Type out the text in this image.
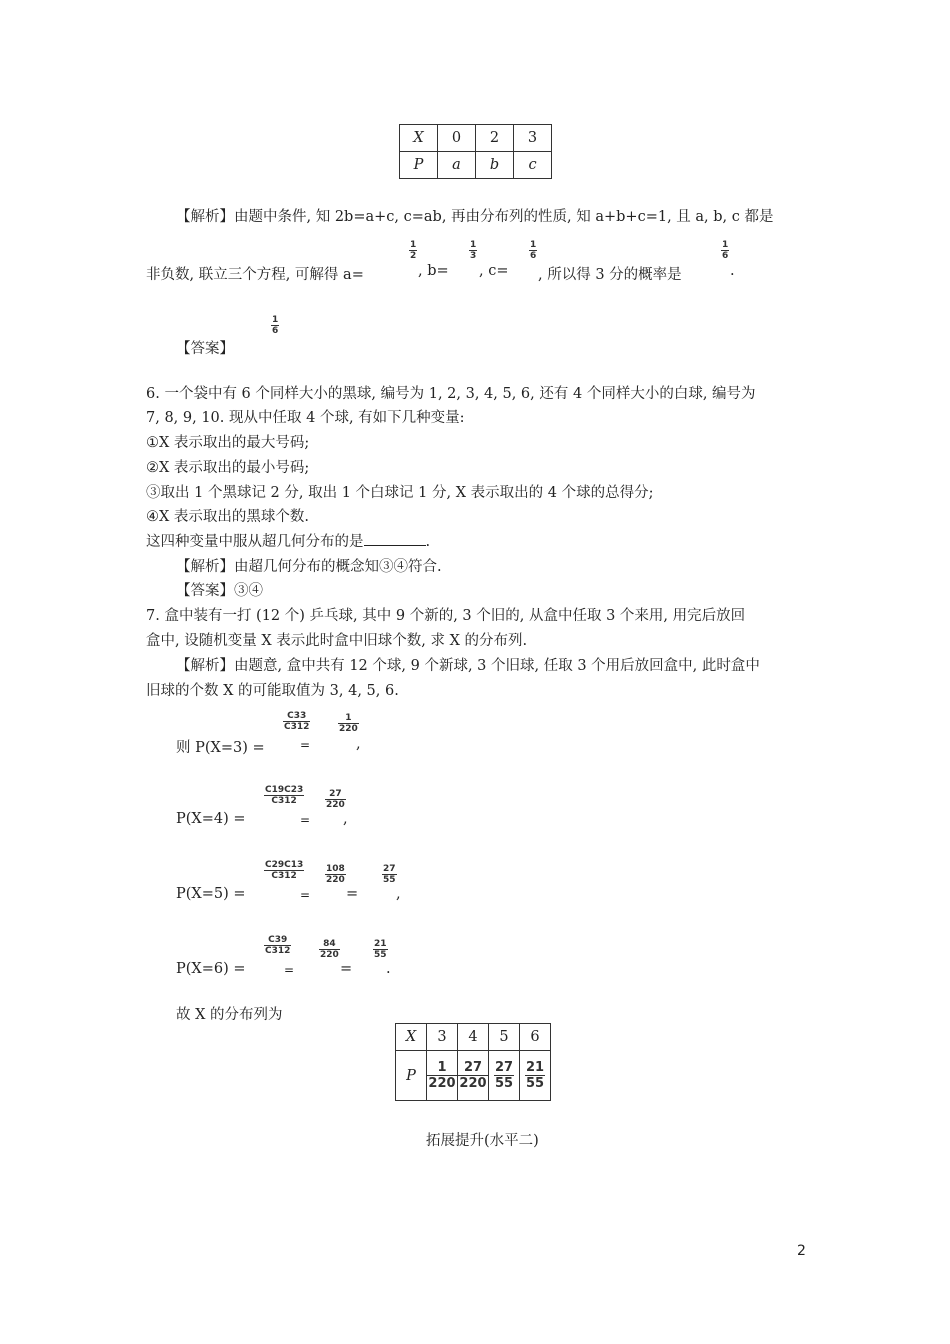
X	0	2	3
P	a	b	c
【解析】由题中条件, 知 2b=a+c, c=ab, 再由分布列的性质, 知 a+b+c=1, 且 a, b, c 都是
$\frac{1}{2}$	$\frac{1}{3}$	$\frac{1}{6}$	$\frac{1}{6}$
非负数, 联立三个方程, 可解得 a=	, b= , c= , 所以得 3 分的概率是	.
【答案】
$\frac{1}{6}$
6. 一个袋中有 6 个同样大小的黑球, 编号为 1, 2, 3, 4, 5, 6, 还有 4 个同样大小的白球, 编号为
7, 8, 9, 10. 现从中任取 4 个球, 有如下几种变量:
①X 表示取出的最大号码;
②X 表示取出的最小号码;
③取出 1 个黑球记 2 分, 取出 1 个白球记 1 分, X 表示取出的 4 个球的总得分;
④X 表示取出的黑球个数.
这四种变量中服从超几何分布的是	.
【解析】由超几何分布的概念知③④符合.
【答案】③④
7. 盒中装有一打 (12 个) 乒乓球, 其中 9 个新的, 3 个旧的, 从盒中任取 3 个来用, 用完后放回
盒中, 设随机变量 X 表示此时盒中旧球个数, 求 X 的分布列.
【解析】由题意, 盒中共有 12 个球, 9 个新球, 3 个旧球, 任取 3 个用后放回盒中, 此时盒中
旧球的个数 X 的可能取值为 3, 4, 5, 6.
则 P(X=3) =
$\frac{C33}{C312}$
=
$\frac{1}{220}$
,
P(X=4) =
$\frac{C19C23}{C312}$
=
$\frac{27}{220}$
,
P(X=5) =
$\frac{C29C13}{C312}$
=
$\frac{108}{220}$
=
$\frac{27}{55}$
,
P(X=6) =
$\frac{C39}{C312}$
=
$\frac{84}{220}$
=
$\frac{21}{55}$
.
故 X 的分布列为
X	3	4	5	6
P	$\frac{1}{220}$	$\frac{27}{220}$	$\frac{27}{55}$	$\frac{21}{55}$
拓展提升(水平二)
2
